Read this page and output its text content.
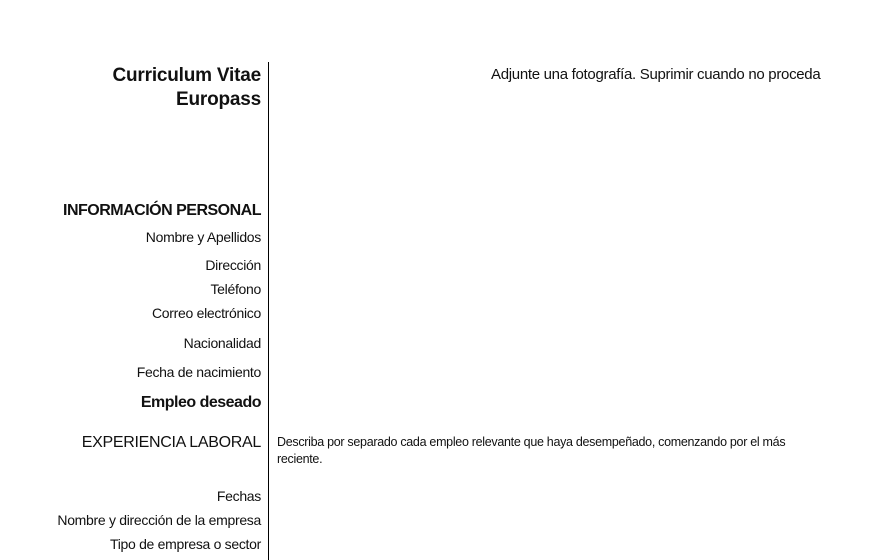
Curriculum Vitae
Europass
Adjunte una fotografía. Suprimir cuando no proceda
INFORMACIÓN PERSONAL
Nombre y Apellidos
Dirección
Teléfono
Correo electrónico
Nacionalidad
Fecha de nacimiento
Empleo deseado
EXPERIENCIA LABORAL Describa por separado cada empleo relevante que haya desempeñado, comenzando por el más reciente.
Fechas
Nombre y dirección de la empresa
Tipo de empresa o sector
